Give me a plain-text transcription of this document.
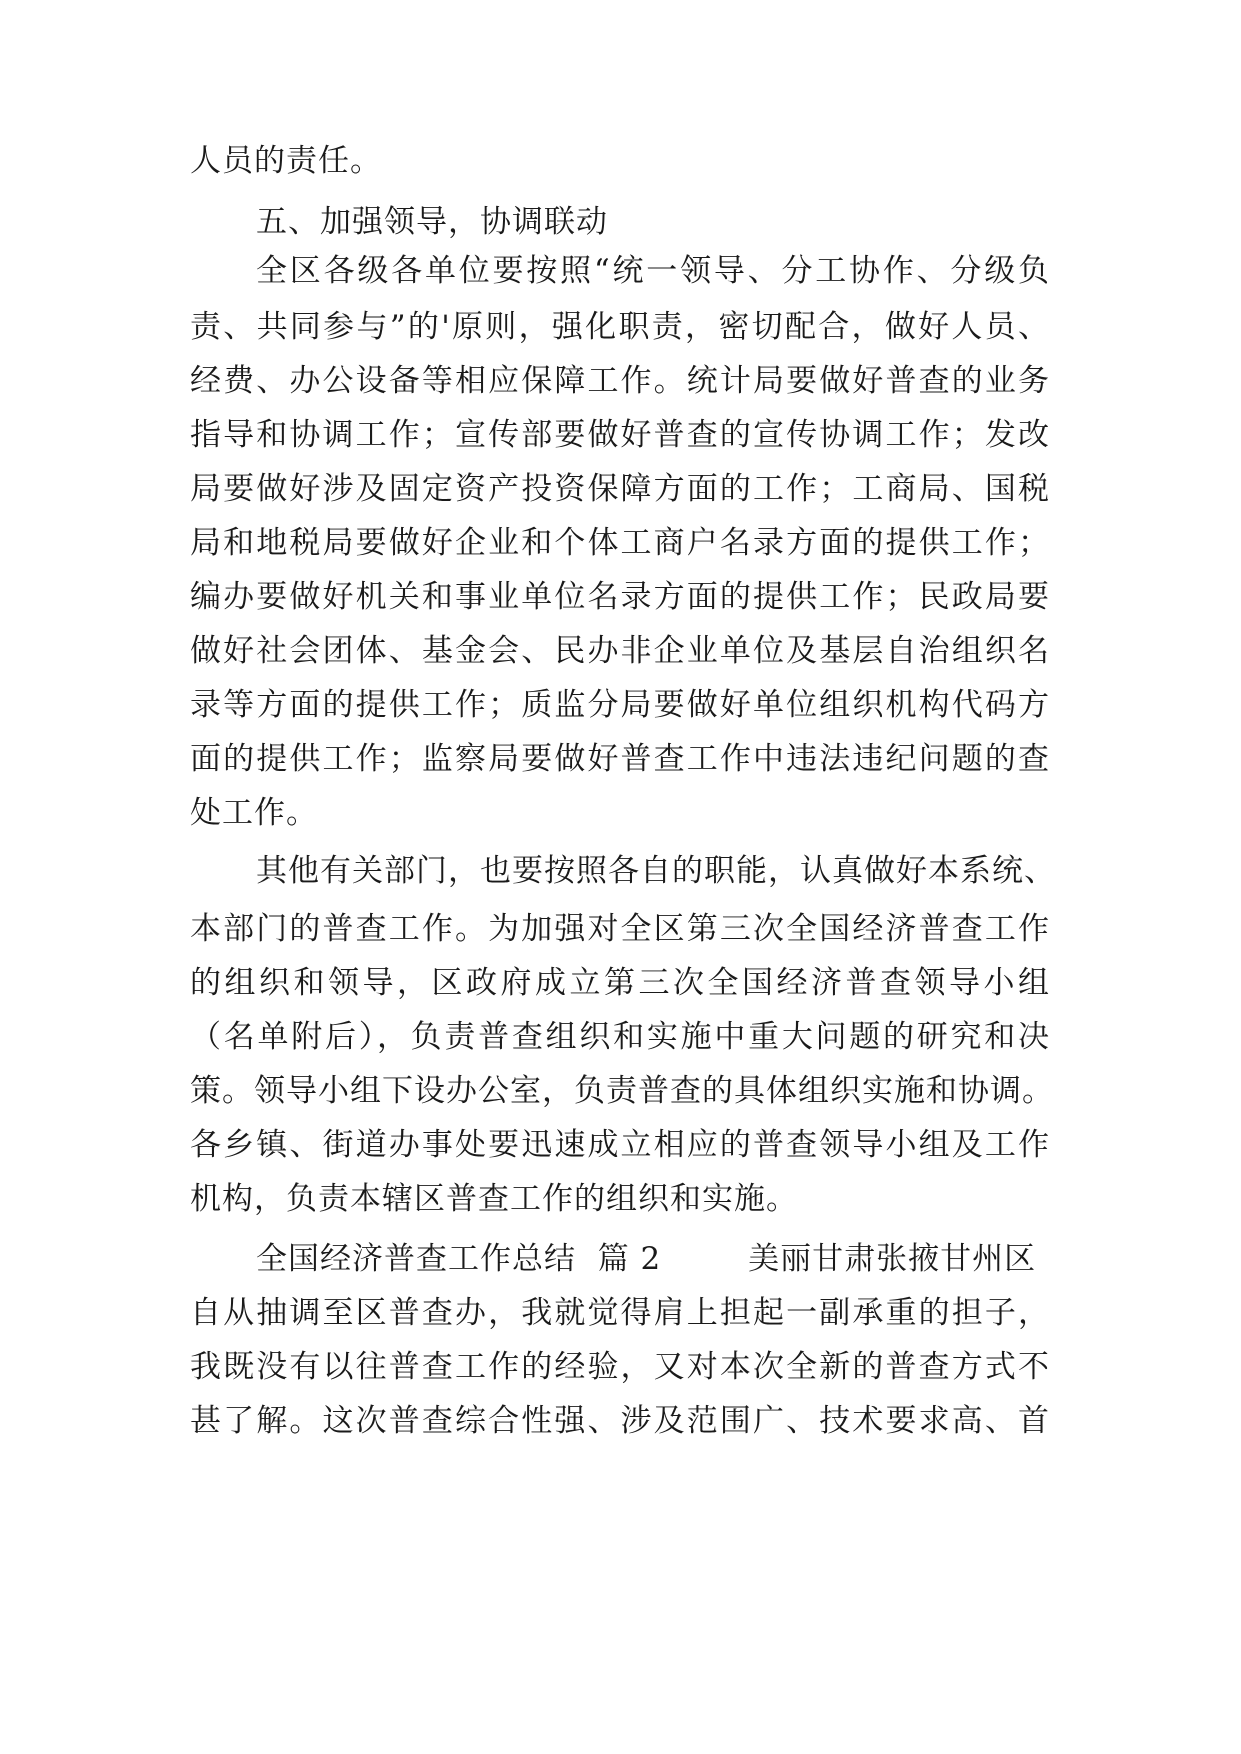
人员的责任。

五、加强领导，协调联动

全区各级各单位要按照“统一领导、分工协作、分级负

责、共同参与”的'原则，强化职责，密切配合，做好人员、

经费、办公设备等相应保障工作。统计局要做好普查的业务

指导和协调工作；宣传部要做好普查的宣传协调工作；发改

局要做好涉及固定资产投资保障方面的工作；工商局、国税

局和地税局要做好企业和个体工商户名录方面的提供工作；

编办要做好机关和事业单位名录方面的提供工作；民政局要

做好社会团体、基金会、民办非企业单位及基层自治组织名

录等方面的提供工作；质监分局要做好单位组织机构代码方

面的提供工作；监察局要做好普查工作中违法违纪问题的查

处工作。

其他有关部门，也要按照各自的职能，认真做好本系统、

本部门的普查工作。为加强对全区第三次全国经济普查工作

的组织和领导，区政府成立第三次全国经济普查领导小组

（名单附后），负责普查组织和实施中重大问题的研究和决

策。领导小组下设办公室，负责普查的具体组织实施和协调。

各乡镇、街道办事处要迅速成立相应的普查领导小组及工作

机构，负责本辖区普查工作的组织和实施。

全国经济普查工作总结  篇 2        美丽甘肃张掖甘州区

自从抽调至区普查办，我就觉得肩上担起一副承重的担子，

我既没有以往普查工作的经验，又对本次全新的普查方式不

甚了解。这次普查综合性强、涉及范围广、技术要求高、首
